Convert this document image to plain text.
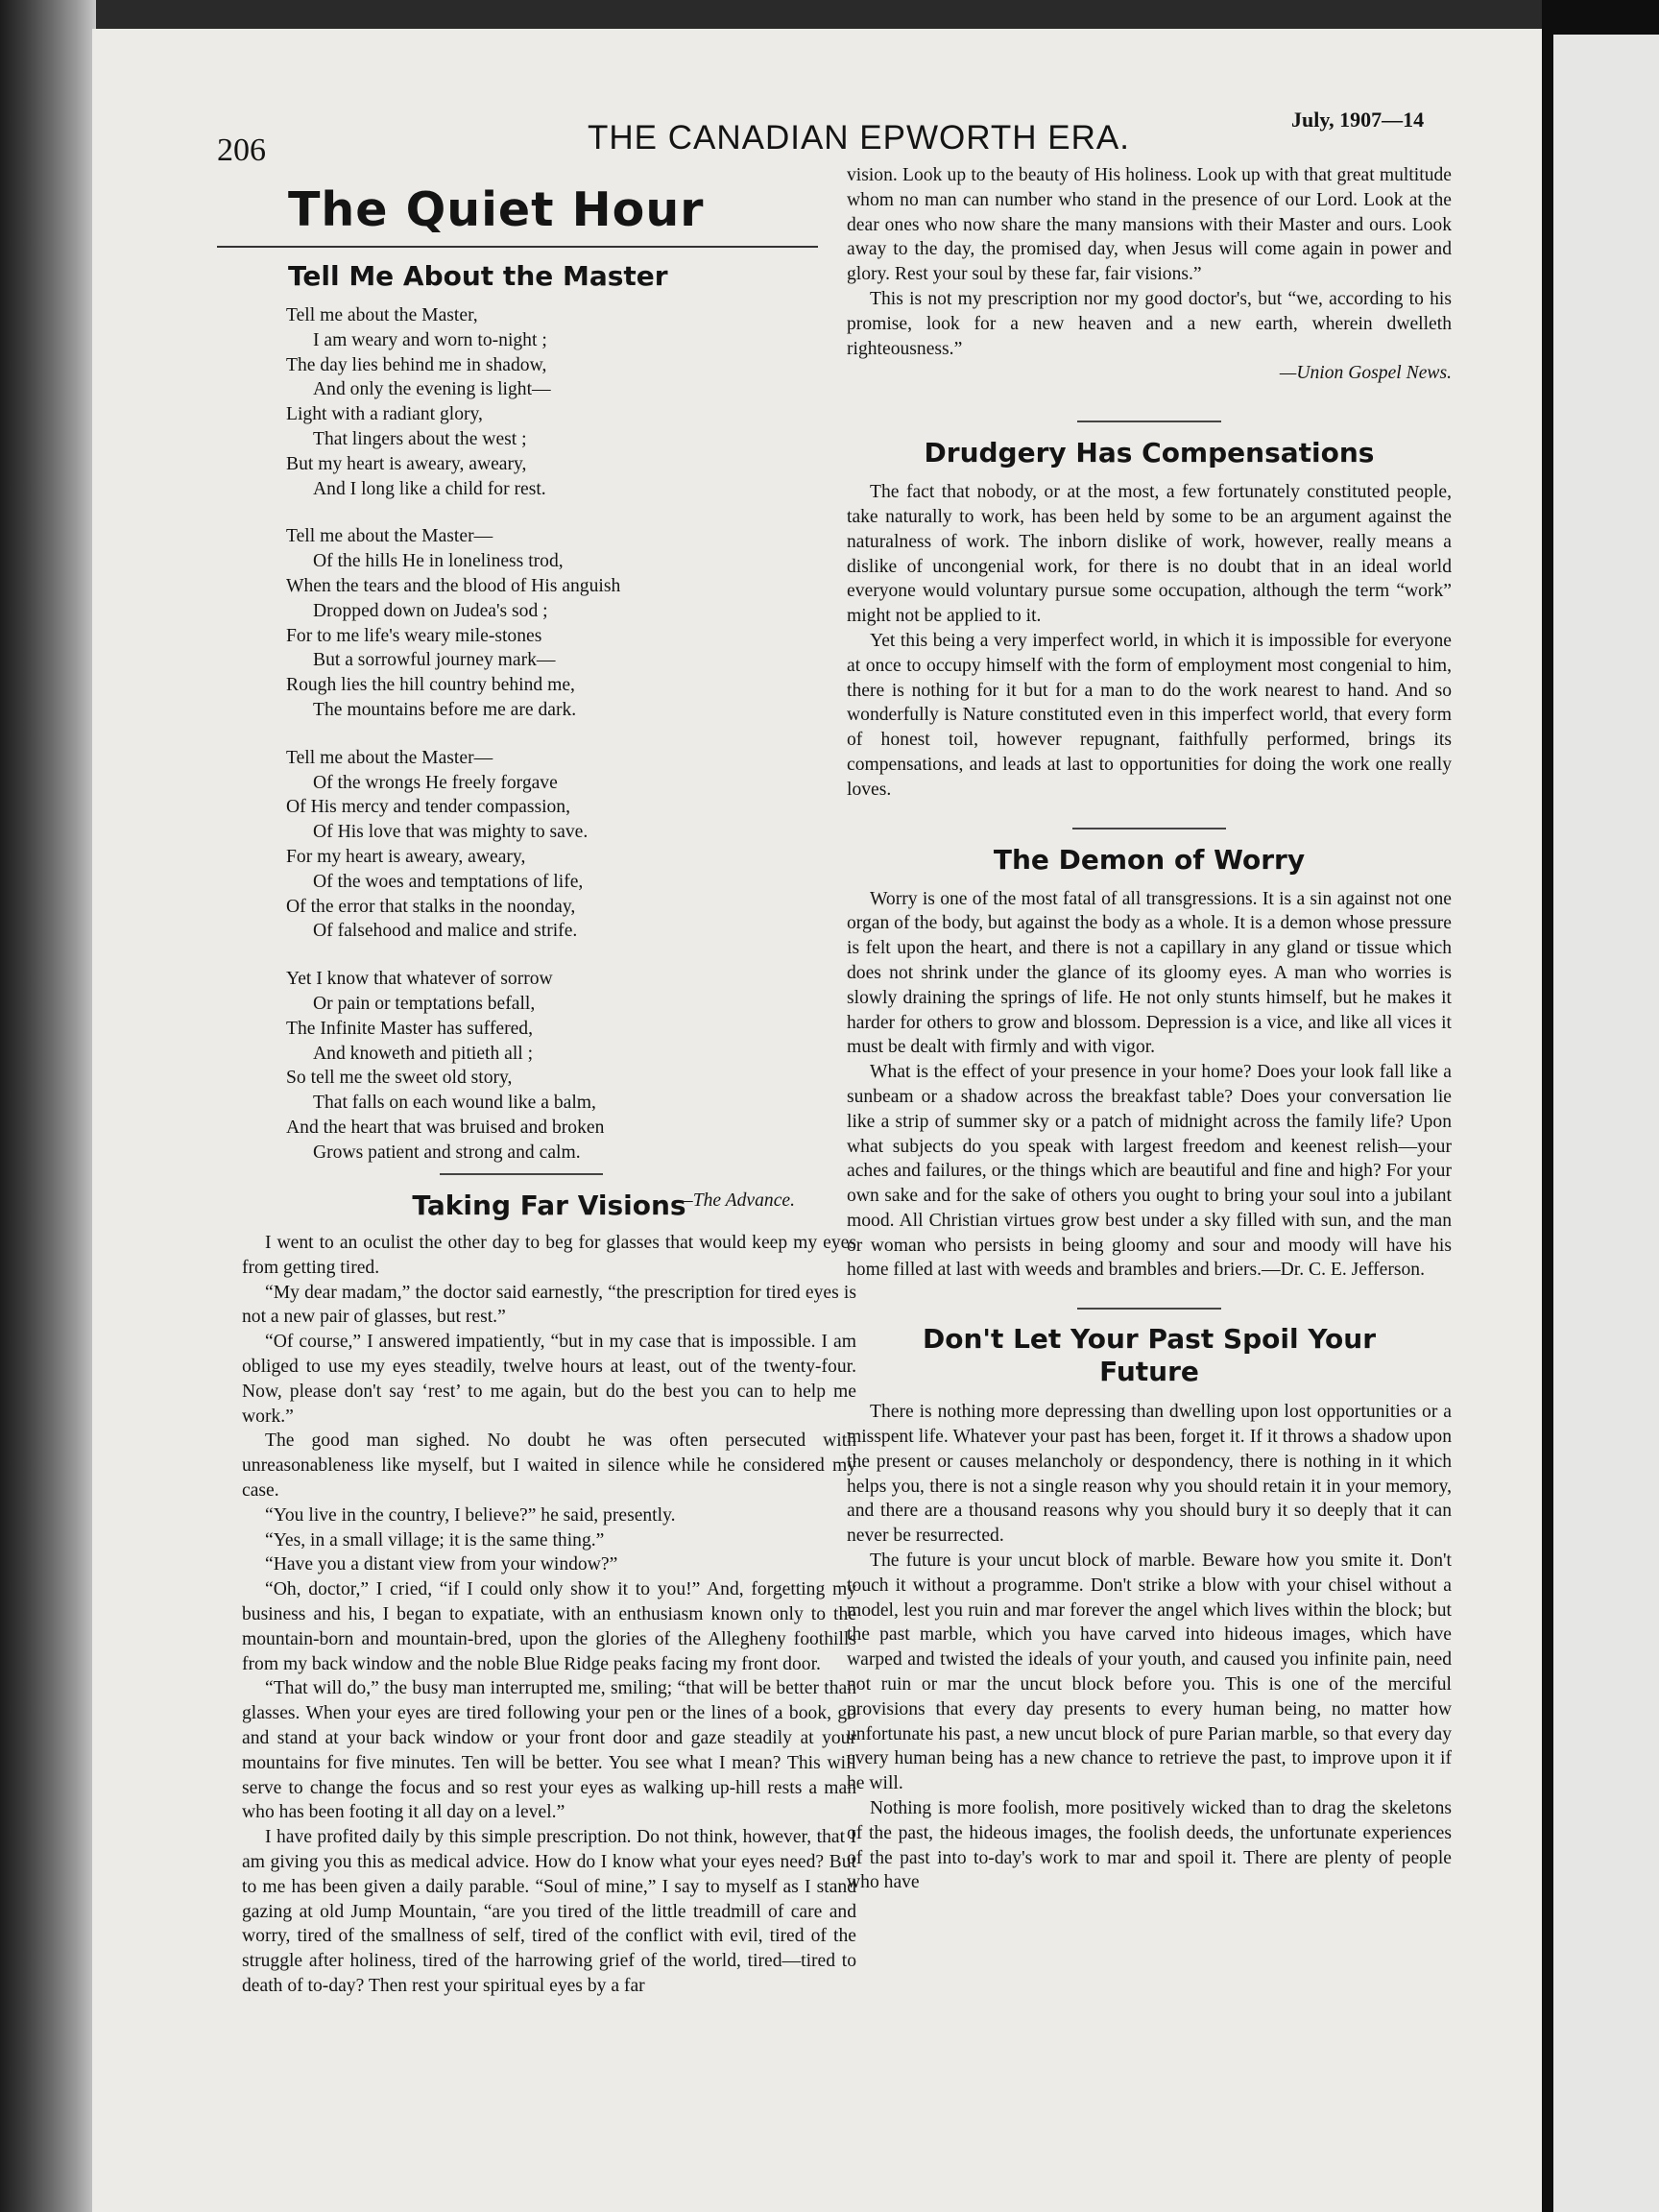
206	THE CANADIAN EPWORTH ERA.	July, 1907—14
The Quiet Hour
Tell Me About the Master
Tell me about the Master,
I am weary and worn to-night ;
The day lies behind me in shadow,
And only the evening is light—
Light with a radiant glory,
That lingers about the west ;
But my heart is aweary, aweary,
And I long like a child for rest.
Tell me about the Master—
Of the hills He in loneliness trod,
When the tears and the blood of His anguish
Dropped down on Judea's sod ;
For to me life's weary mile-stones
But a sorrowful journey mark—
Rough lies the hill country behind me,
The mountains before me are dark.
Tell me about the Master—
Of the wrongs He freely forgave
Of His mercy and tender compassion,
Of His love that was mighty to save.
For my heart is aweary, aweary,
Of the woes and temptations of life,
Of the error that stalks in the noonday,
Of falsehood and malice and strife.
Yet I know that whatever of sorrow
Or pain or temptations befall,
The Infinite Master has suffered,
And knoweth and pitieth all ;
So tell me the sweet old story,
That falls on each wound like a balm,
And the heart that was bruised and broken
Grows patient and strong and calm.
—The Advance.
Taking Far Visions

I went to an oculist the other day to beg for glasses that would keep my eyes from getting tired.

“My dear madam,” the doctor said earnestly, “the prescription for tired eyes is not a new pair of glasses, but rest.”

“Of course,” I answered impatiently, “but in my case that is impossible. I am obliged to use my eyes steadily, twelve hours at least, out of the twenty-four. Now, please don't say ‘rest’ to me again, but do the best you can to help me work.”

The good man sighed. No doubt he was often persecuted with unreasonableness like myself, but I waited in silence while he considered my case.

“You live in the country, I believe?” he said, presently.

“Yes, in a small village; it is the same thing.”

“Have you a distant view from your window?”

“Oh, doctor,” I cried, “if I could only show it to you!” And, forgetting my business and his, I began to expatiate, with an enthusiasm known only to the mountain-born and mountain-bred, upon the glories of the Allegheny foothills from my back window and the noble Blue Ridge peaks facing my front door.

“That will do,” the busy man interrupted me, smiling; “that will be better than glasses. When your eyes are tired following your pen or the lines of a book, go and stand at your back window or your front door and gaze steadily at your mountains for five minutes. Ten will be better. You see what I mean? This will serve to change the focus and so rest your eyes as walking up-hill rests a man who has been footing it all day on a level.”

I have profited daily by this simple prescription. Do not think, however, that I am giving you this as medical advice. How do I know what your eyes need? But to me has been given a daily parable. “Soul of mine,” I say to myself as I stand gazing at old Jump Mountain, “are you tired of the little treadmill of care and worry, tired of the smallness of self, tired of the conflict with evil, tired of the struggle after holiness, tired of the harrowing grief of the world, tired—tired to death of to-day? Then rest your spiritual eyes by a far

vision. Look up to the beauty of His holiness. Look up with that great multitude whom no man can number who stand in the presence of our Lord. Look at the dear ones who now share the many mansions with their Master and ours. Look away to the day, the promised day, when Jesus will come again in power and glory. Rest your soul by these far, fair visions.”

This is not my prescription nor my good doctor's, but “we, according to his promise, look for a new heaven and a new earth, wherein dwelleth righteousness.”

—Union Gospel News.
Drudgery Has Compensations

The fact that nobody, or at the most, a few fortunately constituted people, take naturally to work, has been held by some to be an argument against the naturalness of work. The inborn dislike of work, however, really means a dislike of uncongenial work, for there is no doubt that in an ideal world everyone would voluntary pursue some occupation, although the term “work” might not be applied to it.

Yet this being a very imperfect world, in which it is impossible for everyone at once to occupy himself with the form of employment most congenial to him, there is nothing for it but for a man to do the work nearest to hand. And so wonderfully is Nature constituted even in this imperfect world, that every form of honest toil, however repugnant, faithfully performed, brings its compensations, and leads at last to opportunities for doing the work one really loves.

The Demon of Worry

Worry is one of the most fatal of all transgressions. It is a sin against not one organ of the body, but against the body as a whole. It is a demon whose pressure is felt upon the heart, and there is not a capillary in any gland or tissue which does not shrink under the glance of its gloomy eyes. A man who worries is slowly draining the springs of life. He not only stunts himself, but he makes it harder for others to grow and blossom. Depression is a vice, and like all vices it must be dealt with firmly and with vigor.

What is the effect of your presence in your home? Does your look fall like a sunbeam or a shadow across the breakfast table? Does your conversation lie like a strip of summer sky or a patch of midnight across the family life? Upon what subjects do you speak with largest freedom and keenest relish—your aches and failures, or the things which are beautiful and fine and high? For your own sake and for the sake of others you ought to bring your soul into a jubilant mood. All Christian virtues grow best under a sky filled with sun, and the man or woman who persists in being gloomy and sour and moody will have his home filled at last with weeds and brambles and briers.—Dr. C. E. Jefferson.

Don't Let Your Past Spoil Your Future

There is nothing more depressing than dwelling upon lost opportunities or a misspent life. Whatever your past has been, forget it. If it throws a shadow upon the present or causes melancholy or despondency, there is nothing in it which helps you, there is not a single reason why you should retain it in your memory, and there are a thousand reasons why you should bury it so deeply that it can never be resurrected.

The future is your uncut block of marble. Beware how you smite it. Don't touch it without a programme. Don't strike a blow with your chisel without a model, lest you ruin and mar forever the angel which lives within the block; but the past marble, which you have carved into hideous images, which have warped and twisted the ideals of your youth, and caused you infinite pain, need not ruin or mar the uncut block before you. This is one of the merciful provisions that every day presents to every human being, no matter how unfortunate his past, a new uncut block of pure Parian marble, so that every day every human being has a new chance to retrieve the past, to improve upon it if he will.

Nothing is more foolish, more positively wicked than to drag the skeletons of the past, the hideous images, the foolish deeds, the unfortunate experiences of the past into to-day's work to mar and spoil it. There are plenty of people who have
